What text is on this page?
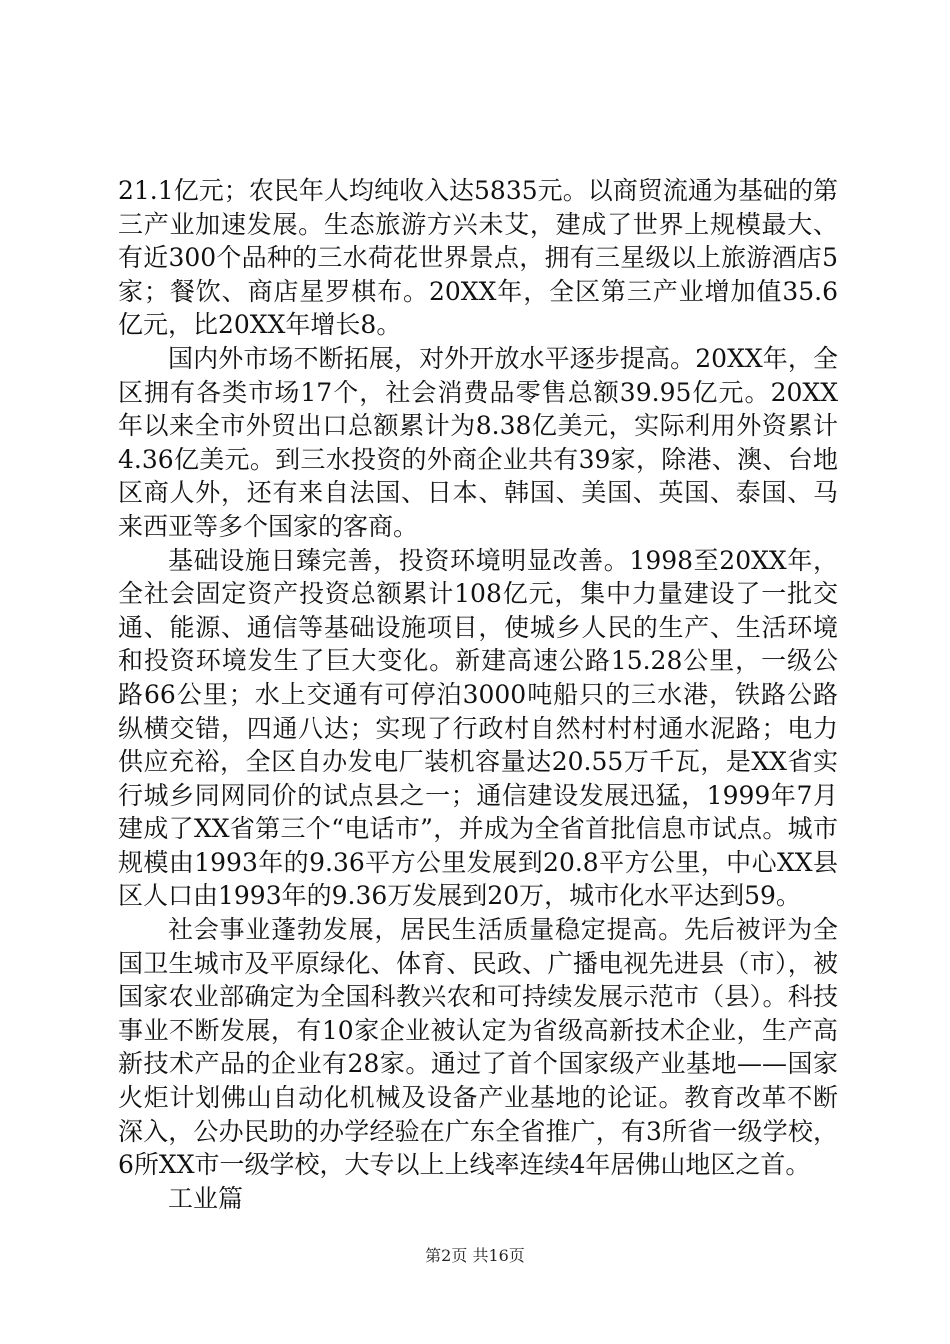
21.1亿元；农民年人均纯收入达5835元。以商贸流通为基础的第三产业加速发展。生态旅游方兴未艾，建成了世界上规模最大、有近300个品种的三水荷花世界景点，拥有三星级以上旅游酒店5家；餐饮、商店星罗棋布。20XX年，全区第三产业增加值35.6亿元，比20XX年增长8。

国内外市场不断拓展，对外开放水平逐步提高。20XX年，全区拥有各类市场17个，社会消费品零售总额39.95亿元。20XX年以来全市外贸出口总额累计为8.38亿美元，实际利用外资累计4.36亿美元。到三水投资的外商企业共有39家，除港、澳、台地区商人外，还有来自法国、日本、韩国、美国、英国、泰国、马来西亚等多个国家的客商。

基础设施日臻完善，投资环境明显改善。1998至20XX年，全社会固定资产投资总额累计108亿元，集中力量建设了一批交通、能源、通信等基础设施项目，使城乡人民的生产、生活环境和投资环境发生了巨大变化。新建高速公路15.28公里，一级公路66公里；水上交通有可停泊3000吨船只的三水港，铁路公路纵横交错，四通八达；实现了行政村自然村村村通水泥路；电力供应充裕，全区自办发电厂装机容量达20.55万千瓦，是XX省实行城乡同网同价的试点县之一；通信建设发展迅猛，1999年7月建成了XX省第三个“电话市”，并成为全省首批信息市试点。城市规模由1993年的9.36平方公里发展到20.8平方公里，中心XX县区人口由1993年的9.36万发展到20万，城市化水平达到59。

社会事业蓬勃发展，居民生活质量稳定提高。先后被评为全国卫生城市及平原绿化、体育、民政、广播电视先进县（市），被国家农业部确定为全国科教兴农和可持续发展示范市（县）。科技事业不断发展，有10家企业被认定为省级高新技术企业，生产高新技术产品的企业有28家。通过了首个国家级产业基地——国家火炬计划佛山自动化机械及设备产业基地的论证。教育改革不断深入，公办民助的办学经验在广东全省推广，有3所省一级学校，6所XX市一级学校，大专以上上线率连续4年居佛山地区之首。

工业篇

第2页 共16页
